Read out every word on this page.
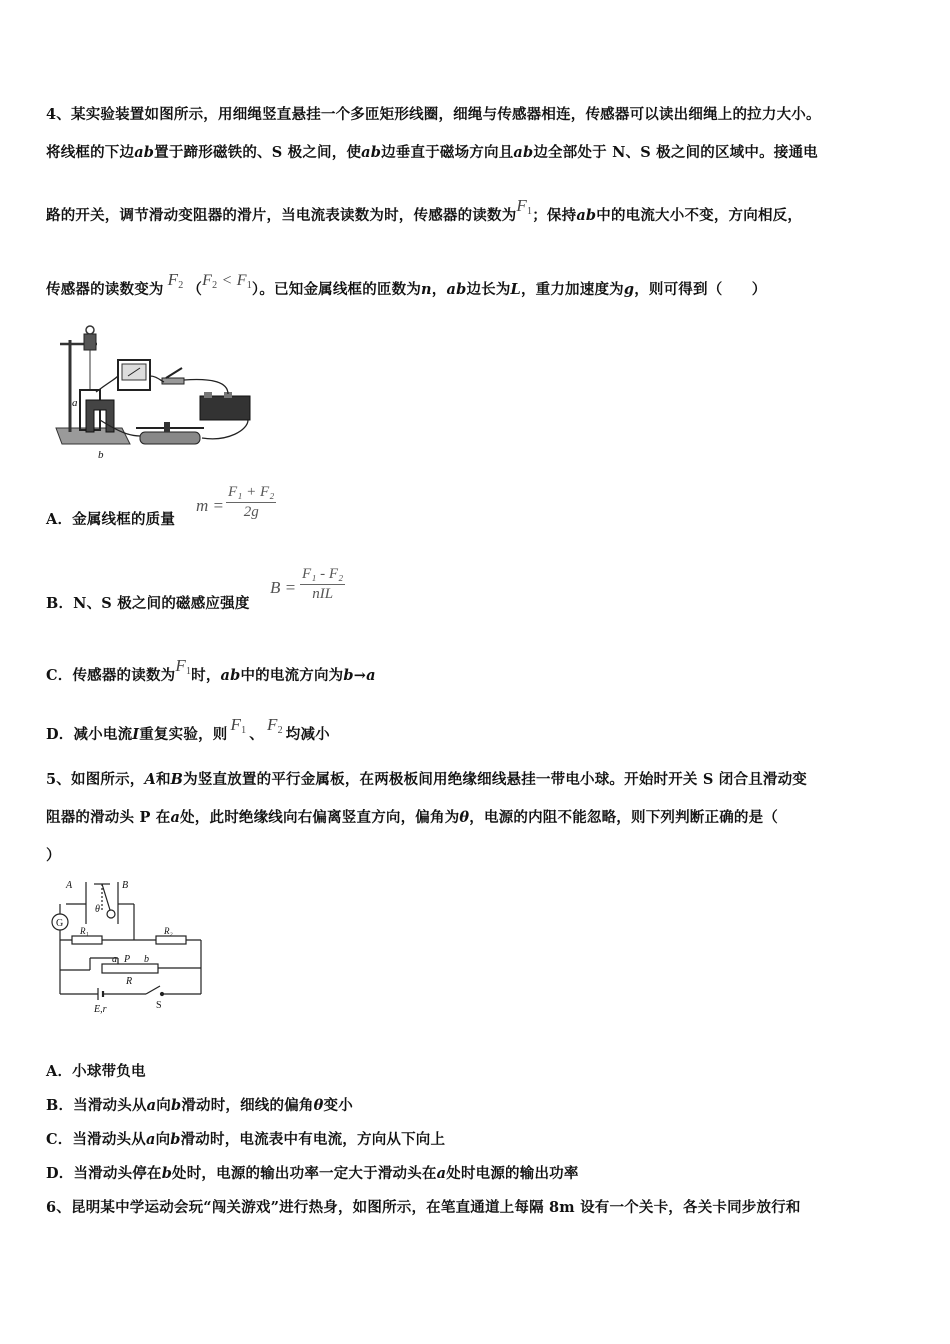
4、某实验装置如图所示，用细绳竖直悬挂一个多匝矩形线圈，细绳与传感器相连，传感器可以读出细绳上的拉力大小。
将线框的下边ab置于蹄形磁铁的、S 极之间，使ab边垂直于磁场方向且ab边全部处于 N、S 极之间的区域中。接通电
路的开关，调节滑动变阻器的滑片，当电流表读数为时，传感器的读数为$F_1$；保持ab中的电流大小不变，方向相反，
传感器的读数变为$F_2$ $(F_2 < F_1)$。已知金属线框的匝数为n，ab边长为L，重力加速度为g，则可得到（　　）
a
b
A．金属线框的质量
$m = \frac{\text{F₁ + F₂}}{2g}$
B．N、S 极之间的磁感应强度
B =
F₁ - F₂
nIL
C．传感器的读数为$F_1$时，ab中的电流方向为b→a
D．减小电流I重复实验，则$F_1$ 、$F_2$ 均减小
5、如图所示，A和B为竖直放置的平行金属板，在两极板间用绝缘细线悬挂一带电小球。开始时开关 S 闭合且滑动变
阻器的滑动头 P 在a处，此时绝缘线向右偏离竖直方向，偏角为θ，电源的内阻不能忽略，则下列判断正确的是（
）
A	B
θ
G
R₁	R₂
a P b
R
E,r	S
A．小球带负电
B．当滑动头从a向b滑动时，细线的偏角θ变小
C．当滑动头从a向b滑动时，电流表中有电流，方向从下向上
D．当滑动头停在b处时，电源的输出功率一定大于滑动头在a处时电源的输出功率
6、昆明某中学运动会玩“闯关游戏”进行热身，如图所示，在笔直通道上每隔 8m 设有一个关卡，各关卡同步放行和
